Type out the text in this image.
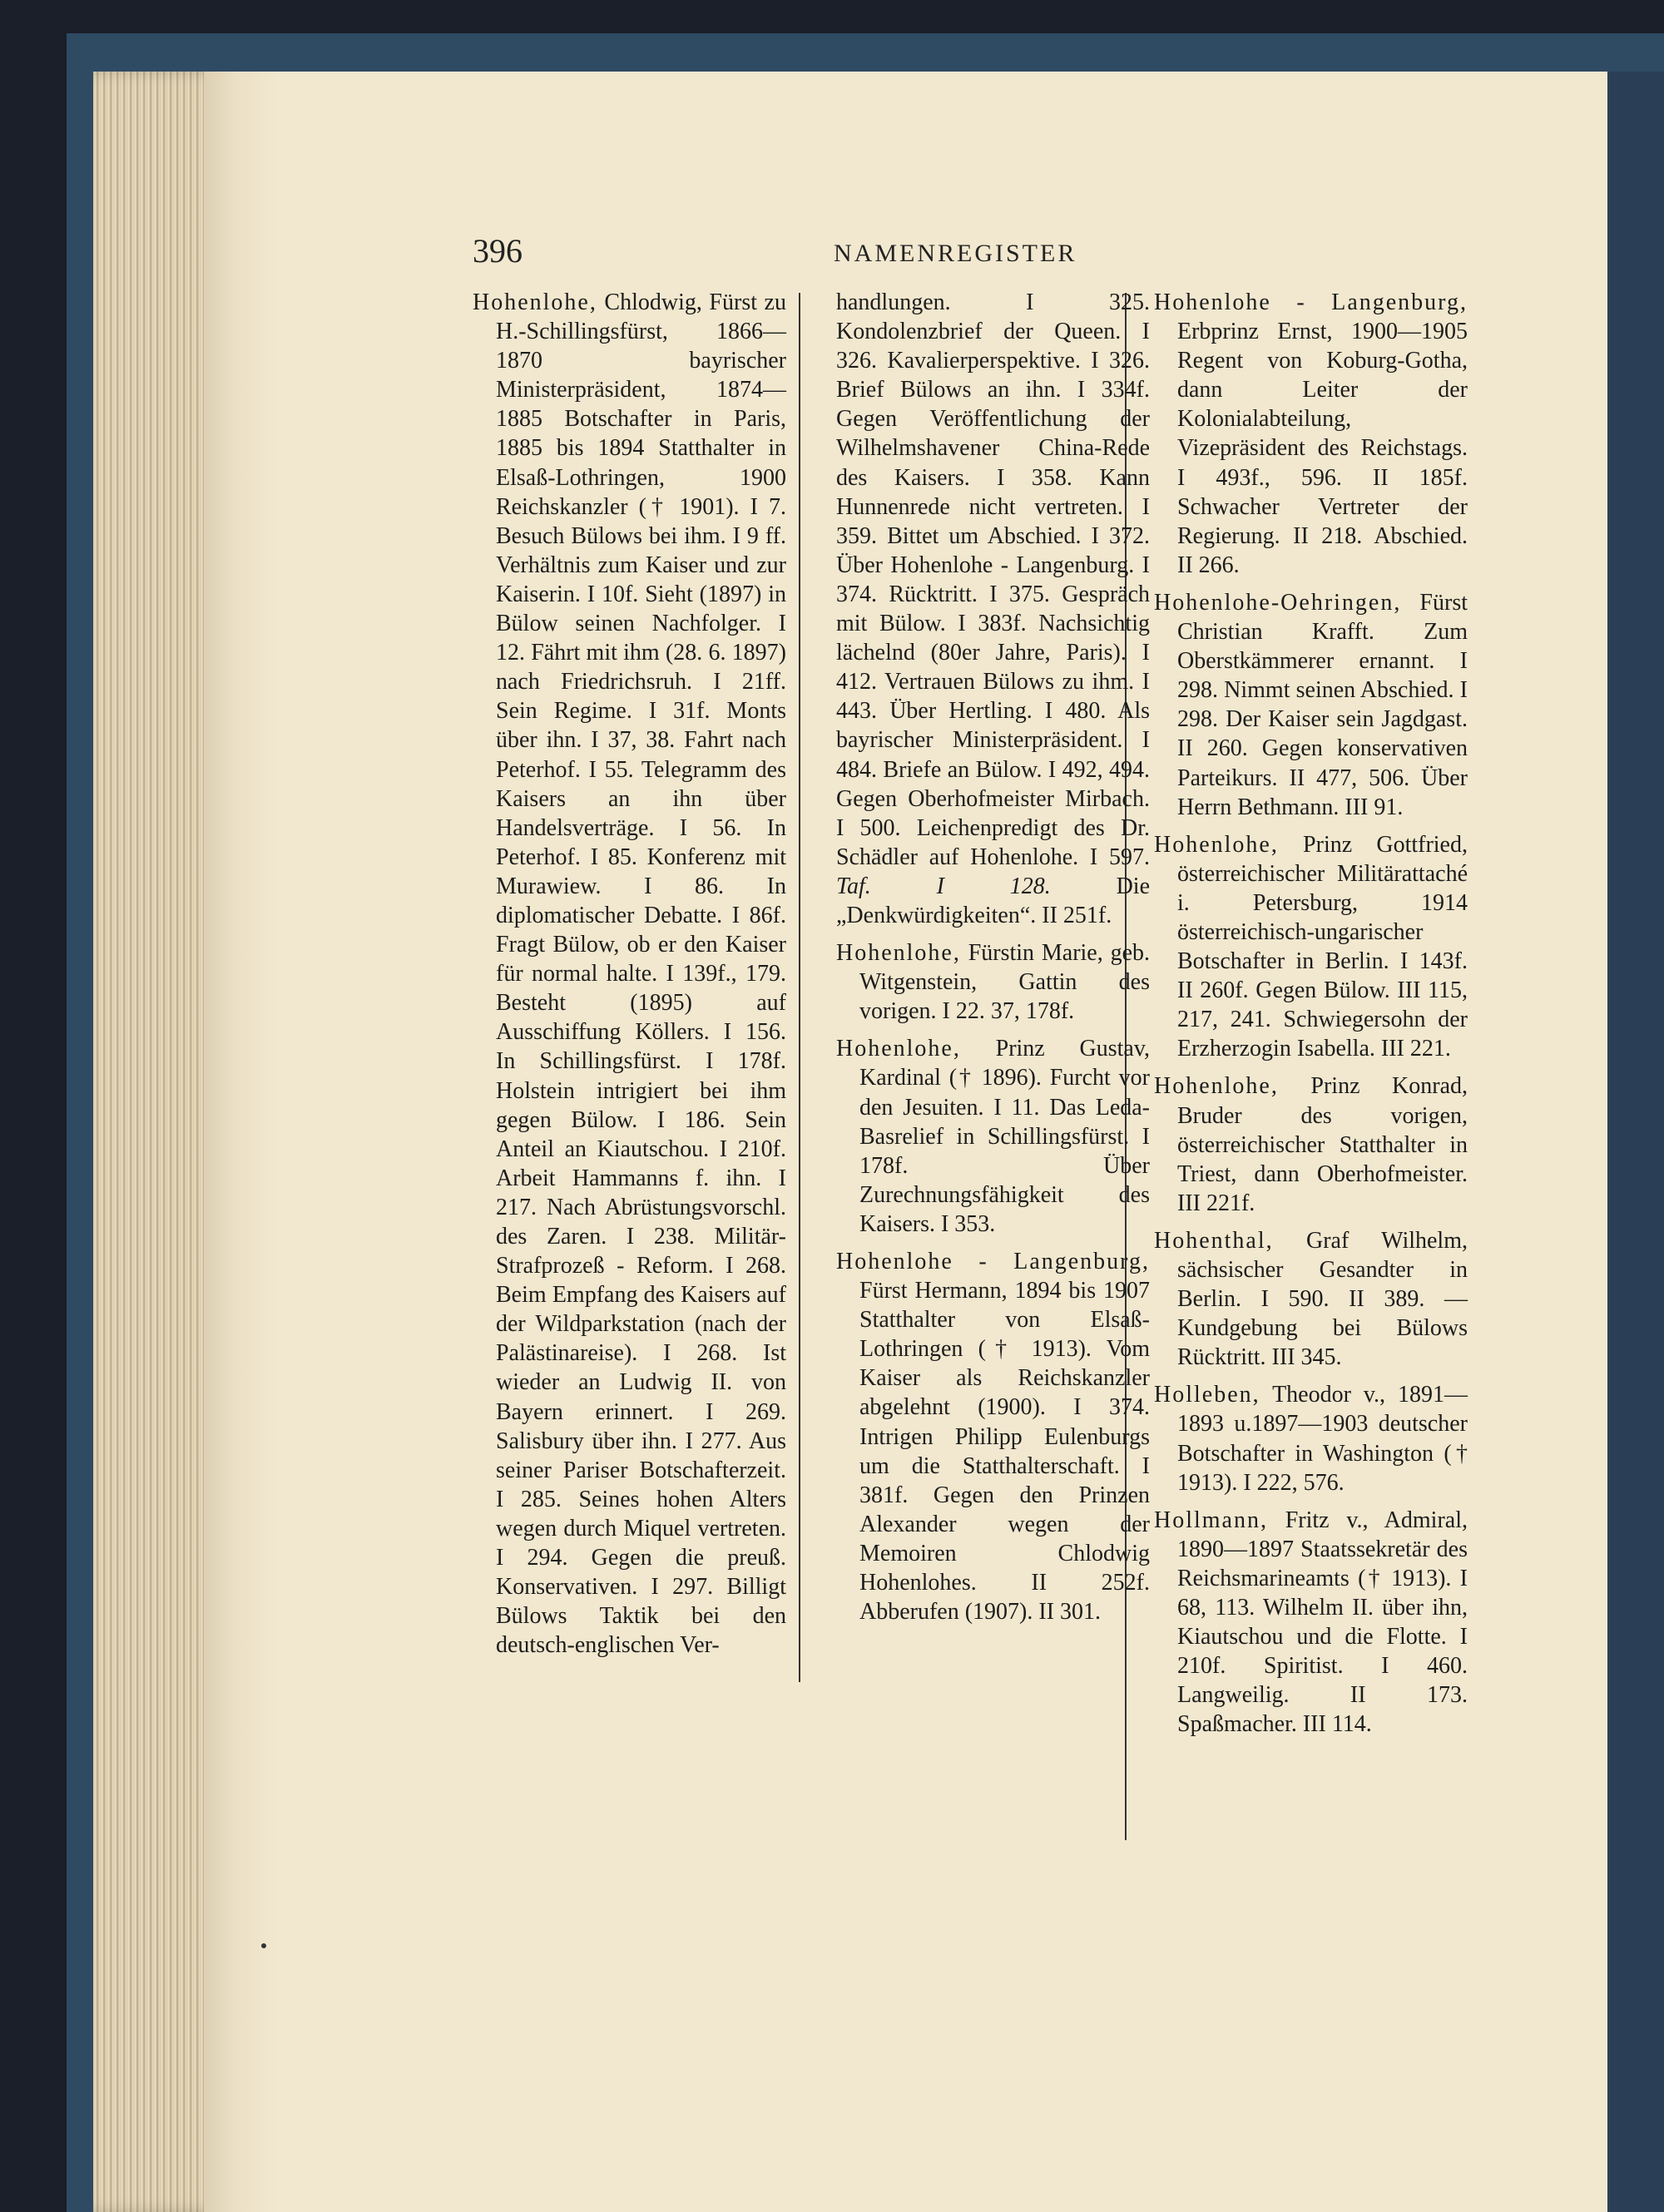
396	NAMENREGISTER
Hohenlohe, Chlodwig, Fürst zu H.-Schillingsfürst, 1866—1870 bayrischer Ministerpräsident, 1874—1885 Botschafter in Paris, 1885 bis 1894 Statthalter in Elsaß-Lothringen, 1900 Reichskanzler († 1901). I 7. Besuch Bülows bei ihm. I 9 ff. Verhältnis zum Kaiser und zur Kaiserin. I 10f. Sieht (1897) in Bülow seinen Nachfolger. I 12. Fährt mit ihm (28. 6. 1897) nach Friedrichsruh. I 21ff. Sein Regime. I 31f. Monts über ihn. I 37, 38. Fahrt nach Peterhof. I 55. Telegramm des Kaisers an ihn über Handelsverträge. I 56. In Peterhof. I 85. Konferenz mit Murawiew. I 86. In diplomatischer Debatte. I 86f. Fragt Bülow, ob er den Kaiser für normal halte. I 139f., 179. Besteht (1895) auf Ausschiffung Köllers. I 156. In Schillingsfürst. I 178f. Holstein intrigiert bei ihm gegen Bülow. I 186. Sein Anteil an Kiautschou. I 210f. Arbeit Hammanns f. ihn. I 217. Nach Abrüstungsvorschl. des Zaren. I 238. Militär-Strafprozeß - Reform. I 268. Beim Empfang des Kaisers auf der Wildparkstation (nach der Palästinareise). I 268. Ist wieder an Ludwig II. von Bayern erinnert. I 269. Salisbury über ihn. I 277. Aus seiner Pariser Botschafterzeit. I 285. Seines hohen Alters wegen durch Miquel vertreten. I 294. Gegen die preuß. Konservativen. I 297. Billigt Bülows Taktik bei den deutsch-englischen Ver-
handlungen. I 325. Kondolenzbrief der Queen. I 326. Kavalierperspektive. I 326. Brief Bülows an ihn. I 334f. Gegen Veröffentlichung der Wilhelmshavener China-Rede des Kaisers. I 358. Kann Hunnenrede nicht vertreten. I 359. Bittet um Abschied. I 372. Über Hohenlohe - Langenburg. I 374. Rücktritt. I 375. Gespräch mit Bülow. I 383f. Nachsichtig lächelnd (80er Jahre, Paris). I 412. Vertrauen Bülows zu ihm. I 443. Über Hertling. I 480. Als bayrischer Ministerpräsident. I 484. Briefe an Bülow. I 492, 494. Gegen Oberhofmeister Mirbach. I 500. Leichenpredigt des Dr. Schädler auf Hohenlohe. I 597. Taf. I 128.	Die „Denkwürdigkeiten“. II 251f.
Hohenlohe, Fürstin Marie, geb. Witgenstein, Gattin des vorigen. I 22. 37, 178f.
Hohenlohe, Prinz Gustav, Kardinal († 1896). Furcht vor den Jesuiten. I 11. Das Leda-Basrelief in Schillingsfürst. I 178f. Über Zurechnungsfähigkeit des Kaisers. I 353.
Hohenlohe - Langenburg, Fürst Hermann, 1894 bis 1907 Statthalter von Elsaß-Lothringen († 1913). Vom Kaiser als Reichskanzler abgelehnt (1900). I 374. Intrigen Philipp Eulenburgs um die Statthalterschaft. I 381f. Gegen den Prinzen Alexander wegen der Memoiren Chlodwig Hohenlohes. II 252f. Abberufen (1907). II 301.
Hohenlohe - Langenburg, Erbprinz Ernst, 1900—1905 Regent von Koburg-Gotha, dann Leiter der Kolonialabteilung, Vizepräsident des Reichstags. I 493f., 596. II 185f. Schwacher Vertreter der Regierung. II 218. Abschied. II 266.
Hohenlohe-Oehringen, Fürst Christian Krafft. Zum Oberstkämmerer ernannt. I 298. Nimmt seinen Abschied. I 298. Der Kaiser sein Jagdgast. II 260. Gegen konservativen Parteikurs. II 477, 506. Über Herrn Bethmann. III 91.
Hohenlohe, Prinz Gottfried, österreichischer Militärattaché i. Petersburg, 1914 österreichisch-ungarischer Botschafter in Berlin. I 143f. II 260f. Gegen Bülow. III 115, 217, 241. Schwiegersohn der Erzherzogin Isabella. III 221.
Hohenlohe, Prinz Konrad, Bruder des vorigen, österreichischer Statthalter in Triest, dann Oberhofmeister. III 221f.
Hohenthal, Graf Wilhelm, sächsischer Gesandter in Berlin. I 590. II 389. — Kundgebung bei Bülows Rücktritt. III 345.
Holleben, Theodor v., 1891—1893 u.1897—1903 deutscher Botschafter in Washington († 1913). I 222, 576.
Hollmann, Fritz v., Admiral, 1890—1897 Staatssekretär des Reichsmarineamts († 1913). I 68, 113. Wilhelm II. über ihn, Kiautschou und die Flotte. I 210f. Spiritist. I 460. Langweilig. II 173. Spaßmacher. III 114.
